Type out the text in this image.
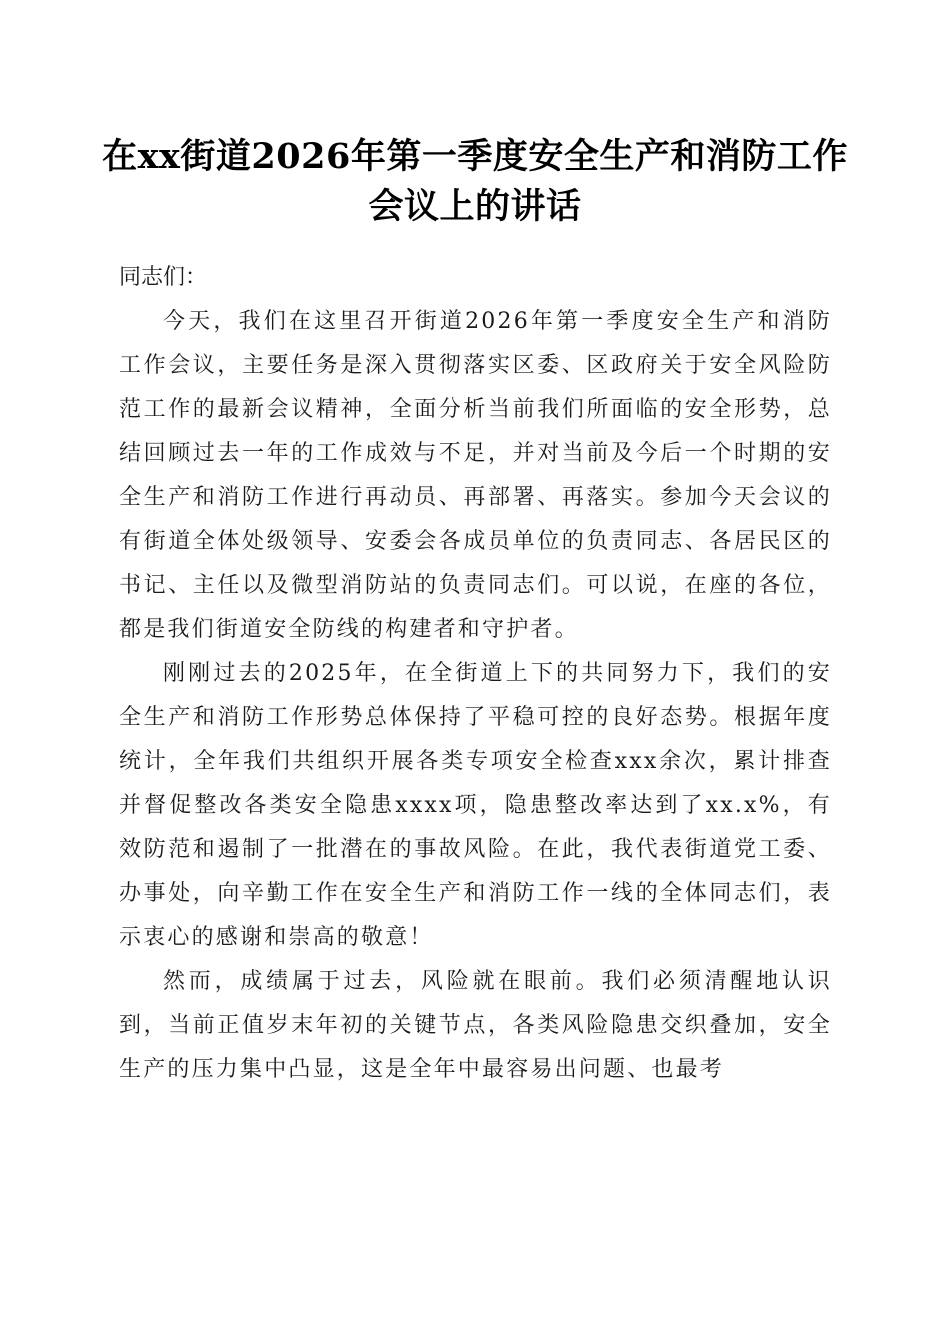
在xx街道2026年第一季度安全生产和消防工作会议上的讲话

同志们：

今天，我们在这里召开街道2026年第一季度安全生产和消防工作会议，主要任务是深入贯彻落实区委、区政府关于安全风险防范工作的最新会议精神，全面分析当前我们所面临的安全形势，总结回顾过去一年的工作成效与不足，并对当前及今后一个时期的安全生产和消防工作进行再动员、再部署、再落实。参加今天会议的有街道全体处级领导、安委会各成员单位的负责同志、各居民区的书记、主任以及微型消防站的负责同志们。可以说，在座的各位，都是我们街道安全防线的构建者和守护者。

刚刚过去的2025年，在全街道上下的共同努力下，我们的安全生产和消防工作形势总体保持了平稳可控的良好态势。根据年度统计，全年我们共组织开展各类专项安全检查xxx余次，累计排查并督促整改各类安全隐患xxxx项，隐患整改率达到了xx.x%，有效防范和遏制了一批潜在的事故风险。在此，我代表街道党工委、办事处，向辛勤工作在安全生产和消防工作一线的全体同志们，表示衷心的感谢和崇高的敬意！

然而，成绩属于过去，风险就在眼前。我们必须清醒地认识到，当前正值岁末年初的关键节点，各类风险隐患交织叠加，安全生产的压力集中凸显，这是全年中最容易出问题、也最考
